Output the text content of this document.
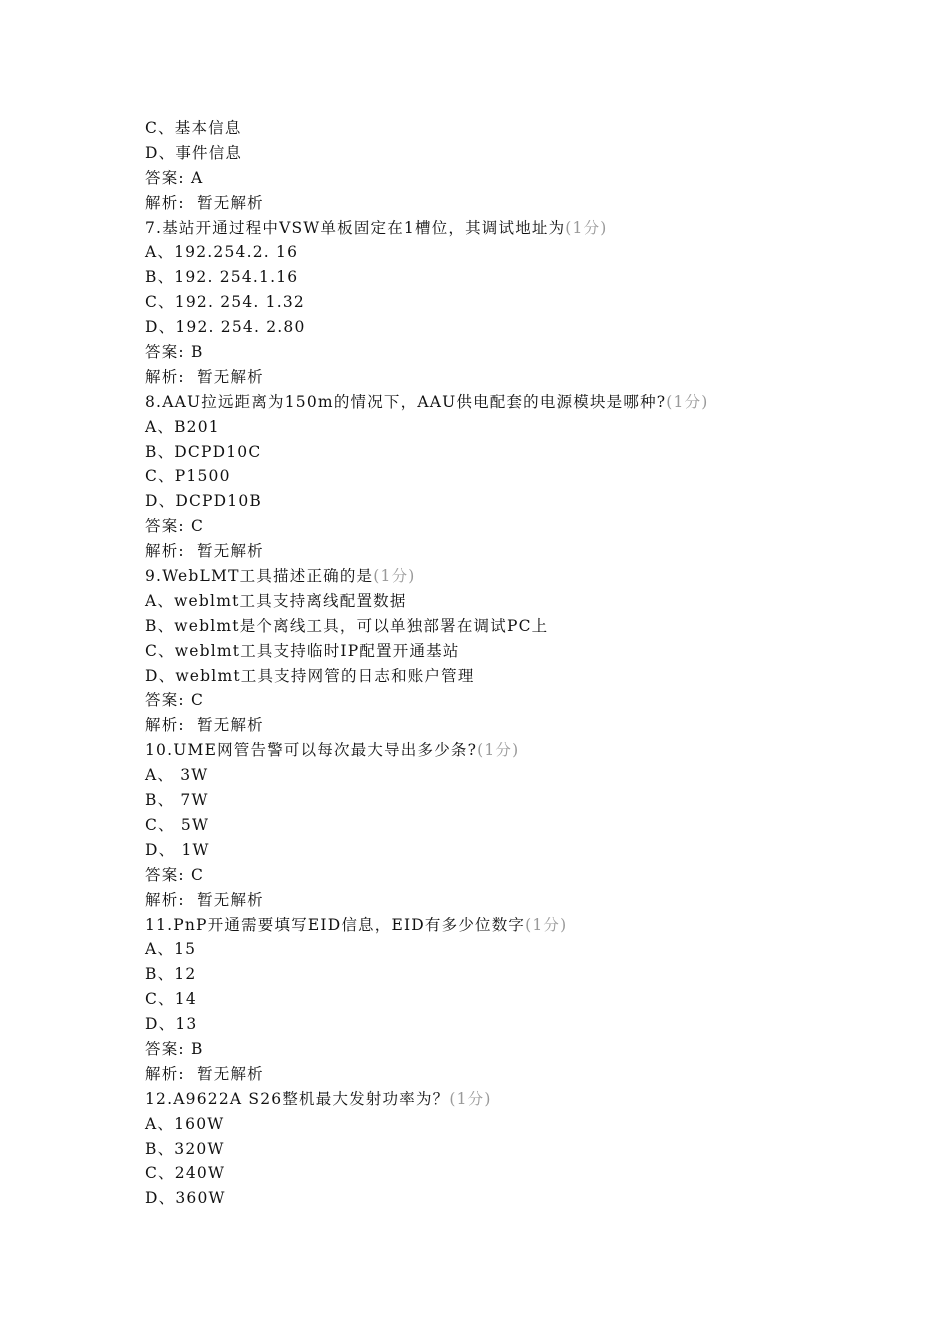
C、基本信息
D、事件信息
答案: A
解析:  暂无解析
7.基站开通过程中VSW单板固定在1槽位，其调试地址为(1分)
A、192.254.2. 16
B、192. 254.1.16
C、192. 254. 1.32
D、192. 254. 2.80
答案: B
解析:  暂无解析
8.AAU拉远距离为150m的情况下，AAU供电配套的电源模块是哪种?(1分)
A、B201
B、DCPD10C
C、P1500
D、DCPD10B
答案: C
解析:  暂无解析
9.WebLMT工具描述正确的是(1分)
A、weblmt工具支持离线配置数据
B、weblmt是个离线工具，可以单独部署在调试PC上
C、weblmt工具支持临时IP配置开通基站
D、weblmt工具支持网管的日志和账户管理
答案: C
解析:  暂无解析
10.UME网管告警可以每次最大导出多少条?(1分)
A、 3W
B、 7W
C、 5W
D、 1W
答案: C
解析:  暂无解析
11.PnP开通需要填写EID信息，EID有多少位数字(1分)
A、15
B、12
C、14
D、13
答案: B
解析:  暂无解析
12.A9622A S26整机最大发射功率为？(1分)
A、160W
B、320W
C、240W
D、360W
